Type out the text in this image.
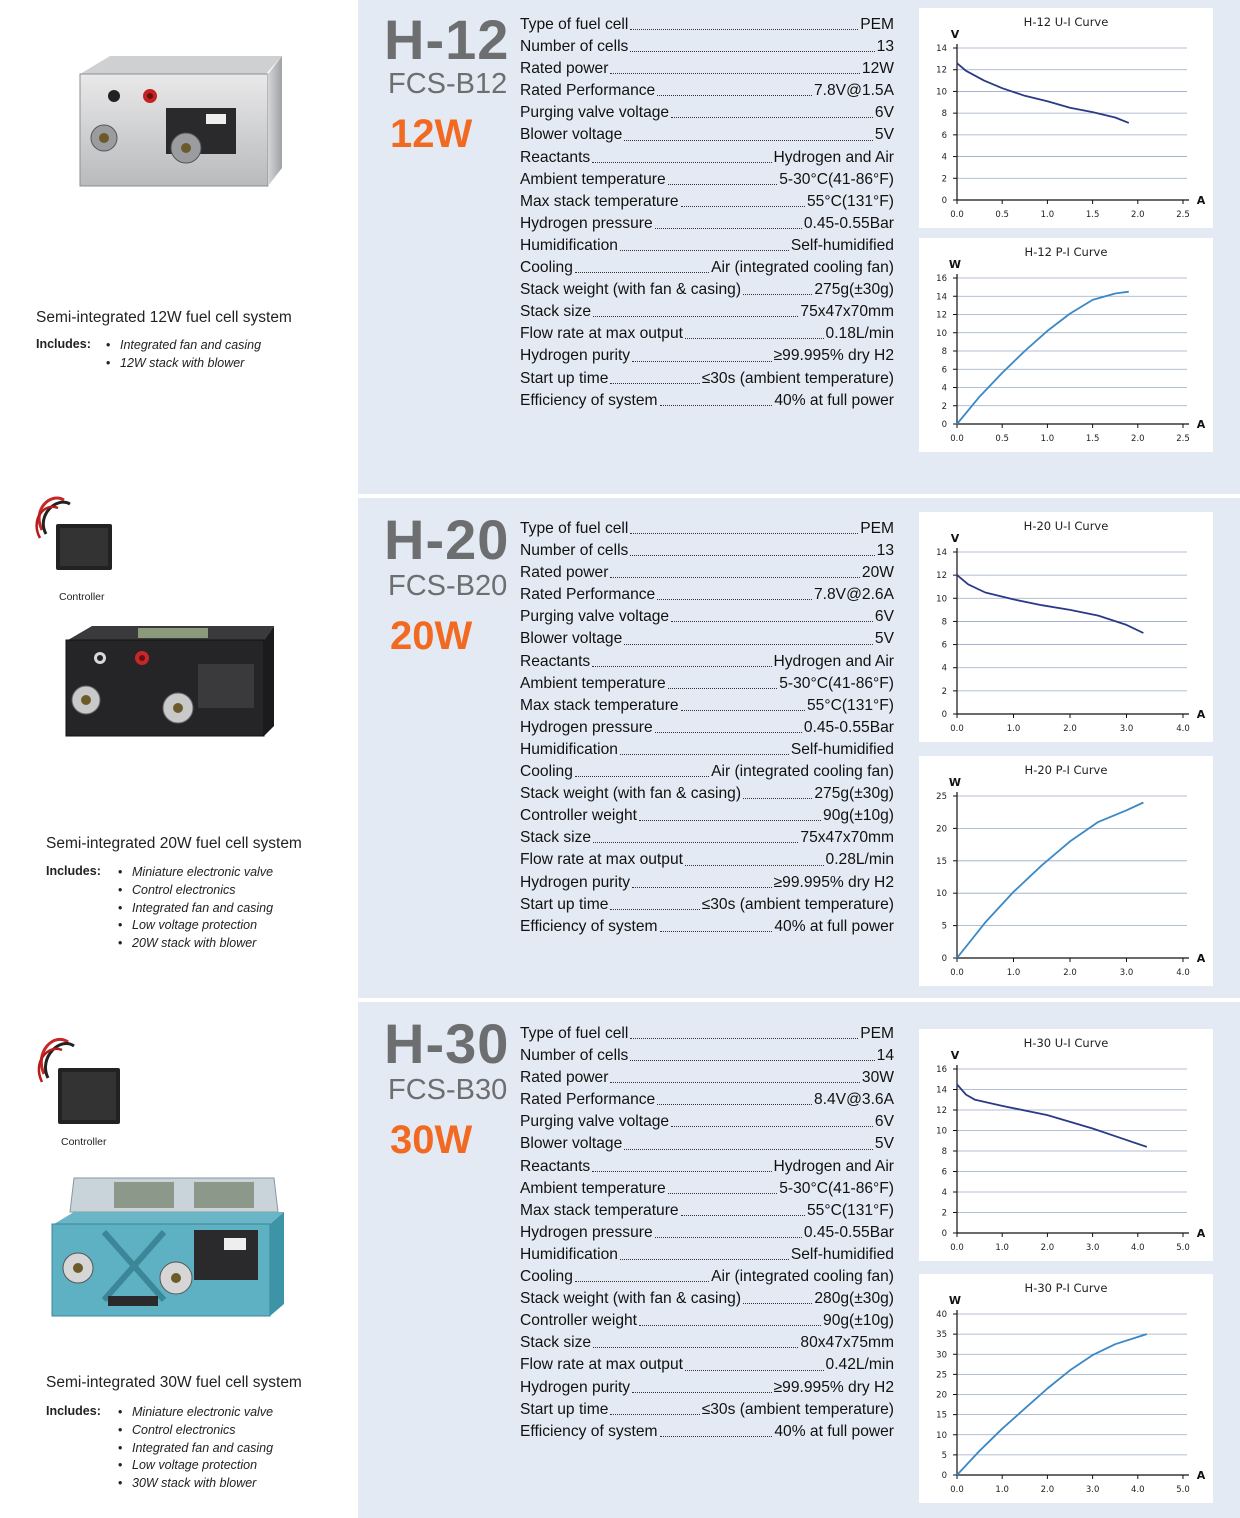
Semi-integrated 12W fuel cell system
Includes:	• Integrated fan and casing
• 12W stack with blower
H-12
FCS-B12
12W
Type of fuel cell	PEM
Number of cells	13
Rated power	12W
Rated Performance	7.8V@1.5A
Purging valve voltage	6V
Blower voltage	5V
Reactants	Hydrogen and Air
Ambient temperature	5-30°C(41-86°F)
Max stack temperature	55°C(131°F)
Hydrogen pressure	0.45-0.55Bar
Humidification	Self-humidified
Cooling	Air (integrated cooling fan)
Stack weight (with fan & casing)	275g(±30g)
Stack size	75x47x70mm
Flow rate at max output	0.18L/min
Hydrogen purity	≥99.995% dry H2
Start up time	≤30s (ambient temperature)
Efficiency of system	40% at full power
H-12 U-I Curve
V
A
0
2
4
6
8
10
12
14
0.0	0.5	1.0	1.5	2.0	2.5
H-12 P-I Curve
W
A
0
2
4
6
8
10
12
14
16
0.0	0.5	1.0	1.5	2.0	2.5
Controller
Semi-integrated 20W fuel cell system
Includes:	• Miniature electronic valve
• Control electronics
• Integrated fan and casing
• Low voltage protection
• 20W stack with blower
H-20
FCS-B20
20W
Type of fuel cell	PEM
Number of cells	13
Rated power	20W
Rated Performance	7.8V@2.6A
Purging valve voltage	6V
Blower voltage	5V
Reactants	Hydrogen and Air
Ambient temperature	5-30°C(41-86°F)
Max stack temperature	55°C(131°F)
Hydrogen pressure	0.45-0.55Bar
Humidification	Self-humidified
Cooling	Air (integrated cooling fan)
Stack weight (with fan & casing)	275g(±30g)
Controller weight	90g(±10g)
Stack size	75x47x70mm
Flow rate at max output	0.28L/min
Hydrogen purity	≥99.995% dry H2
Start up time	≤30s (ambient temperature)
Efficiency of system	40% at full power
H-20 U-I Curve
V
A
0
2
4
6
8
10
12
14
0.0	1.0	2.0	3.0	4.0
H-20 P-I Curve
W
A
0
5
10
15
20
25
0.0	1.0	2.0	3.0	4.0
Controller
Semi-integrated 30W fuel cell system
Includes:	• Miniature electronic valve
• Control electronics
• Integrated fan and casing
• Low voltage protection
• 30W stack with blower
H-30
FCS-B30
30W
Type of fuel cell	PEM
Number of cells	14
Rated power	30W
Rated Performance	8.4V@3.6A
Purging valve voltage	6V
Blower voltage	5V
Reactants	Hydrogen and Air
Ambient temperature	5-30°C(41-86°F)
Max stack temperature	55°C(131°F)
Hydrogen pressure	0.45-0.55Bar
Humidification	Self-humidified
Cooling	Air (integrated cooling fan)
Stack weight (with fan & casing)	280g(±30g)
Controller weight	90g(±10g)
Stack size	80x47x75mm
Flow rate at max output	0.42L/min
Hydrogen purity	≥99.995% dry H2
Start up time	≤30s (ambient temperature)
Efficiency of system	40% at full power
H-30 U-I Curve
V
A
0
2
4
6
8
10
12
14
16
0.0	1.0	2.0	3.0	4.0	5.0
H-30 P-I Curve
W
A
0
5
10
15
20
25
30
35
40
0.0	1.0	2.0	3.0	4.0	5.0
